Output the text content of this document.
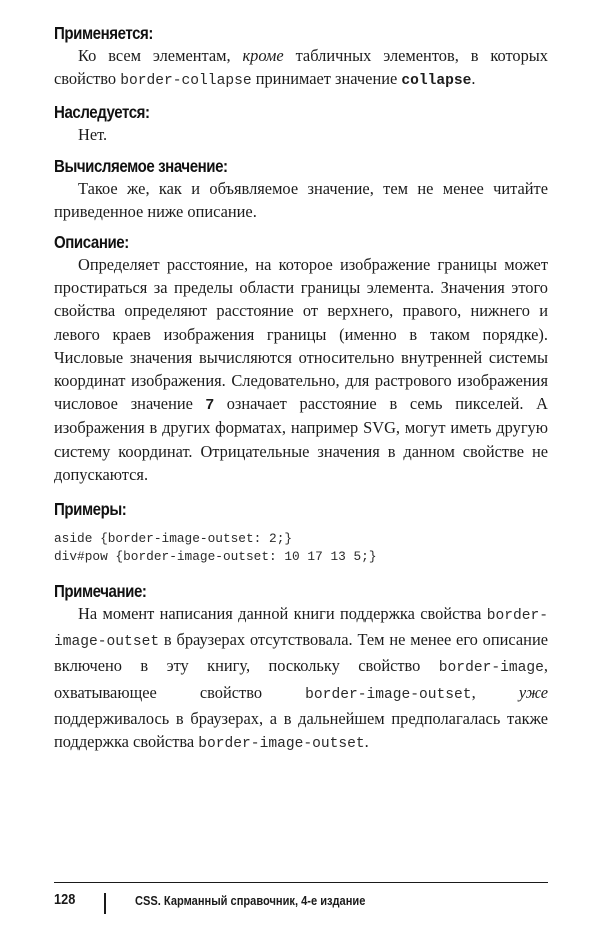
Применяется:

Ко всем элементам, кроме табличных элементов, в которых свойство border-collapse принимает значение collapse.

Наследуется:

Нет.

Вычисляемое значение:

Такое же, как и объявляемое значение, тем не менее читайте приведенное ниже описание.

Описание:

Определяет расстояние, на которое изображение границы может простираться за пределы области границы элемента. Значения этого свойства определяют расстояние от верхнего, правого, нижнего и левого краев изображения границы (именно в таком порядке). Числовые значения вычисляются относительно внутренней системы координат изображения. Следовательно, для растрового изображения числовое значение 7 означает расстояние в семь пикселей. А изображения в других форматах, например SVG, могут иметь другую систему координат. Отрицательные значения в данном свойстве не допускаются.

Примеры:
aside {border-image-outset: 2;}
div#pow {border-image-outset: 10 17 13 5;}
Примечание:

На момент написания данной книги поддержка свойства border-image-outset в браузерах отсутствовала. Тем не менее его описание включено в эту книгу, поскольку свойство border-image, охватывающее свойство border-image-outset, уже поддерживалось в браузерах, а в дальнейшем предполагалась также поддержка свойства border-image-outset.

128	CSS. Карманный справочник, 4-е издание
